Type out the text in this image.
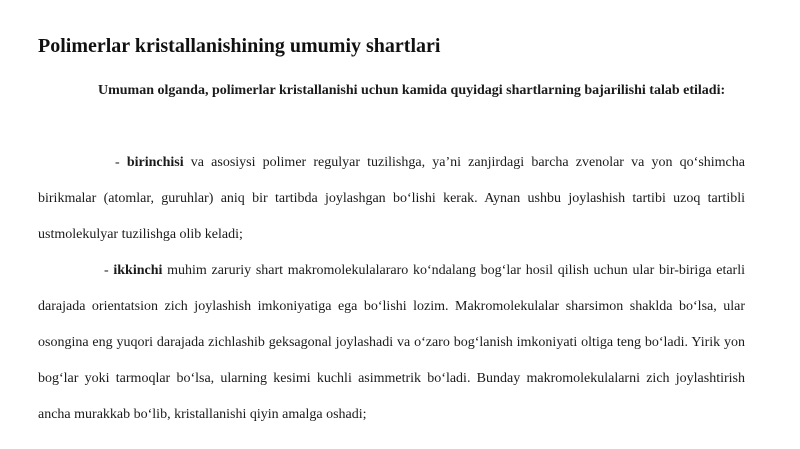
Polimerlar kristallanishining umumiy shartlari

Umuman olganda, polimerlar kristallanishi uchun kamida quyidagi shartlarning bajarilishi talab etiladi:

- birinchisi va asosiysi polimer regulyar tuzilishga, ya’ni zanjirdagi barcha zvenolar va yon qo‘shimcha birikmalar (atomlar, guruhlar) aniq bir tartibda joylashgan bo‘lishi kerak. Aynan ushbu joylashish tartibi uzoq tartibli ustmolekulyar tuzilishga olib keladi;

- ikkinchi muhim zaruriy shart makromolekulalararo ko‘ndalang bog‘lar hosil qilish uchun ular bir-biriga etarli darajada orientatsion zich joylashish imkoniyatiga ega bo‘lishi lozim. Makromolekulalar sharsimon shaklda bo‘lsa, ular osongina eng yuqori darajada zichlashib geksagonal joylashadi va o‘zaro bog‘lanish imkoniyati oltiga teng bo‘ladi. Yirik yon bog‘lar yoki tarmoqlar bo‘lsa, ularning kesimi kuchli asimmetrik bo‘ladi. Bunday makromolekulalarni zich joylashtirish ancha murakkab bo‘lib, kristallanishi qiyin amalga oshadi;
